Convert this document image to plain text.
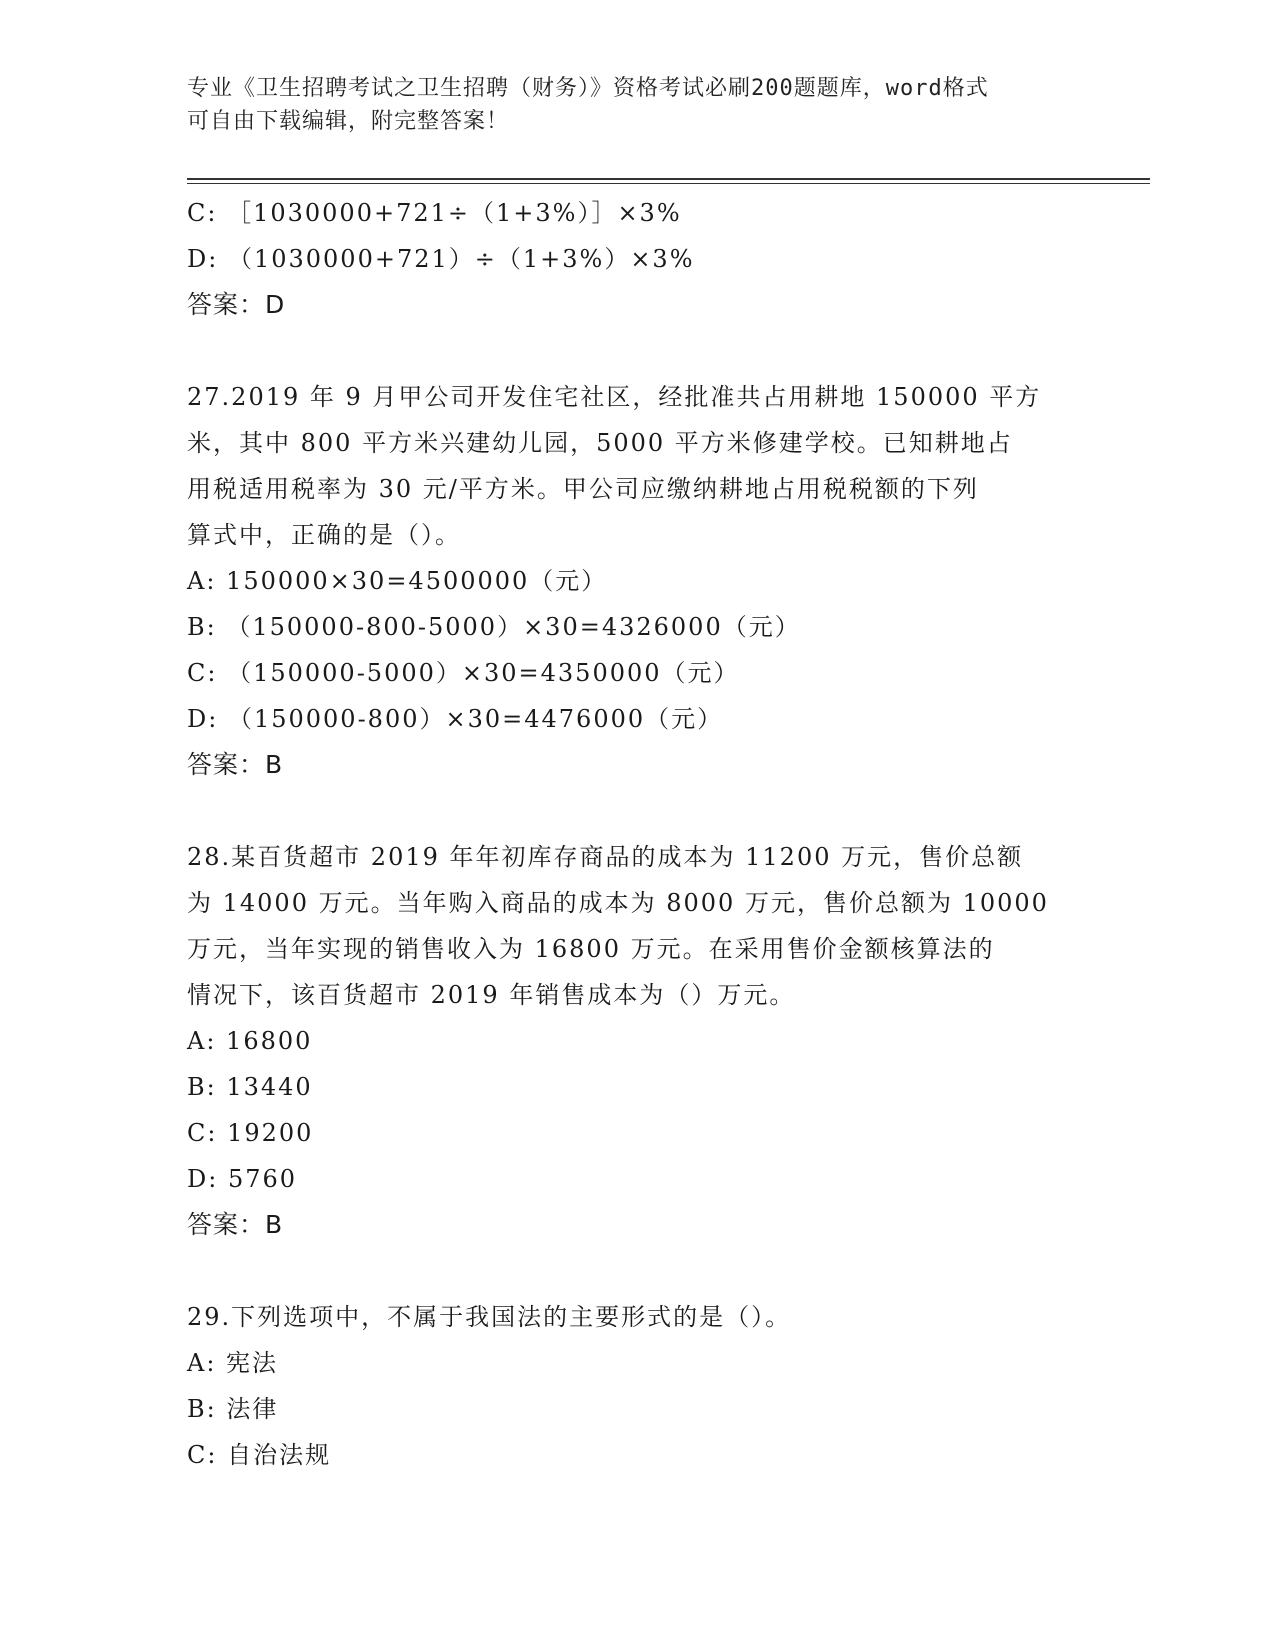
专业《卫生招聘考试之卫生招聘（财务）》资格考试必刷200题题库，word格式
可自由下载编辑，附完整答案！
C: ［1030000+721÷（1+3%）］×3%
D: （1030000+721）÷（1+3%）×3%
答案：D
27.2019 年 9 月甲公司开发住宅社区，经批准共占用耕地 150000 平方
米，其中 800 平方米兴建幼儿园，5000 平方米修建学校。已知耕地占
用税适用税率为 30 元/平方米。甲公司应缴纳耕地占用税税额的下列
算式中，正确的是（）。
A: 150000×30=4500000（元）
B: （150000-800-5000）×30=4326000（元）
C: （150000-5000）×30=4350000（元）
D: （150000-800）×30=4476000（元）
答案：B
28.某百货超市 2019 年年初库存商品的成本为 11200 万元，售价总额
为 14000 万元。当年购入商品的成本为 8000 万元，售价总额为 10000
万元，当年实现的销售收入为 16800 万元。在采用售价金额核算法的
情况下，该百货超市 2019 年销售成本为（）万元。
A: 16800
B: 13440
C: 19200
D: 5760
答案：B
29.下列选项中，不属于我国法的主要形式的是（）。
A: 宪法
B: 法律
C: 自治法规
